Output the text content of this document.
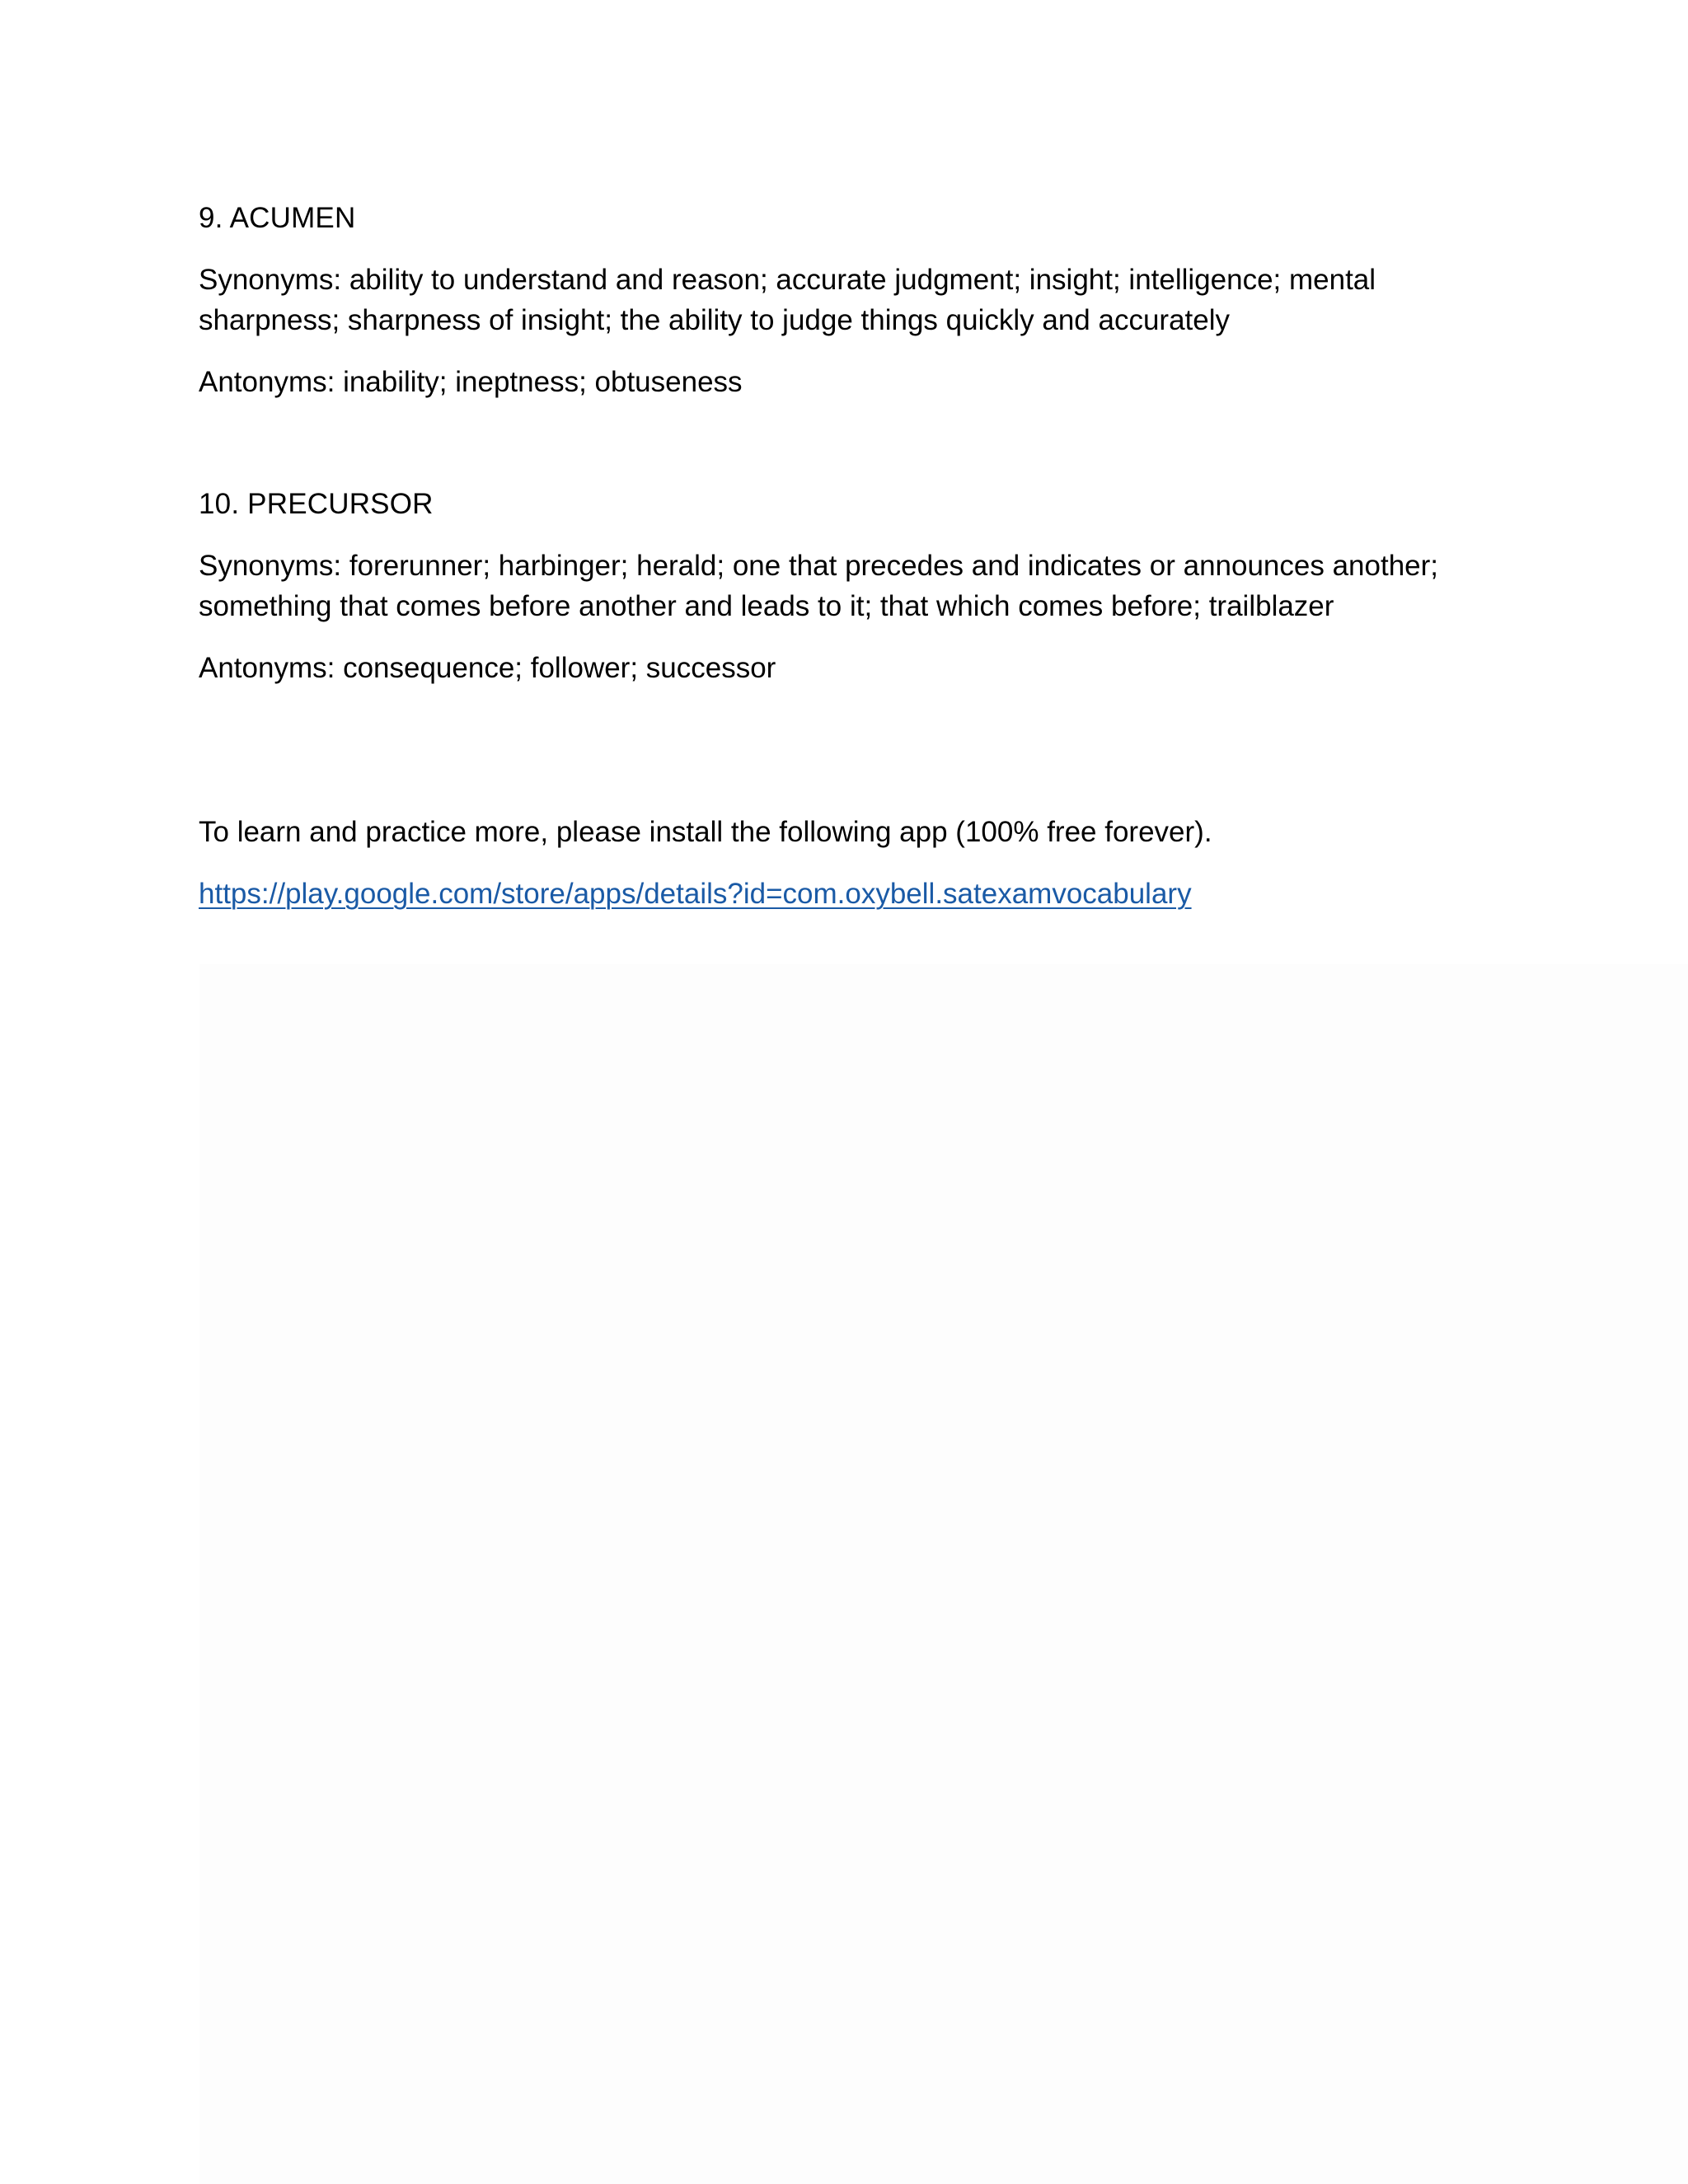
9. ACUMEN

Synonyms: ability to understand and reason; accurate judgment; insight; intelligence; mental sharpness; sharpness of insight; the ability to judge things quickly and accurately

Antonyms: inability; ineptness; obtuseness

10. PRECURSOR

Synonyms: forerunner; harbinger; herald; one that precedes and indicates or announces another; something that comes before another and leads to it; that which comes before; trailblazer

Antonyms: consequence; follower; successor

To learn and practice more, please install the following app (100% free forever).

https://play.google.com/store/apps/details?id=com.oxybell.satexamvocabulary
